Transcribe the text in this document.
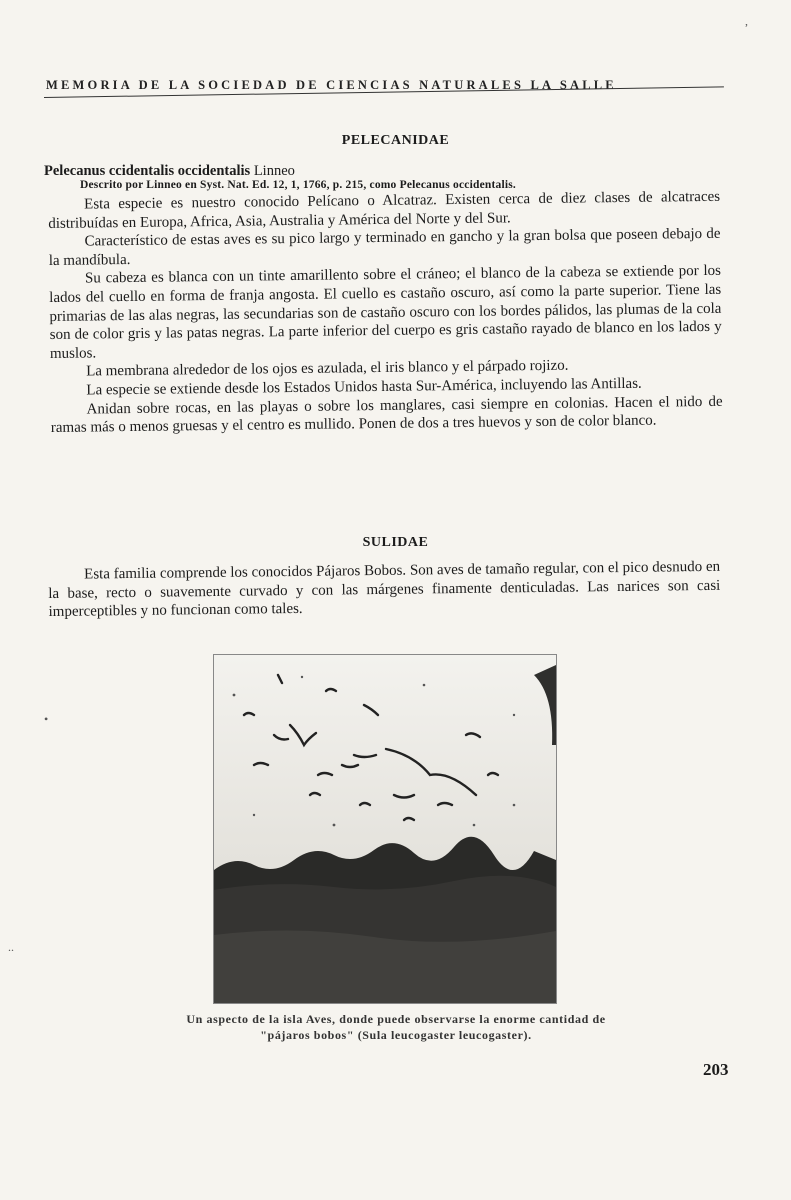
,
•
..
MEMORIA DE LA SOCIEDAD DE CIENCIAS NATURALES LA SALLE
PELECANIDAE
Pelecanus ccidentalis occidentalis Linneo
Descrito por Linneo en Syst. Nat. Ed. 12, 1, 1766, p. 215, como Pelecanus occidentalis.

Esta especie es nuestro conocido Pelícano o Alcatraz. Existen cerca de diez clases de alcatraces distribuídas en Europa, Africa, Asia, Australia y América del Norte y del Sur.

Característico de estas aves es su pico largo y terminado en gancho y la gran bolsa que poseen debajo de la mandíbula.

Su cabeza es blanca con un tinte amarillento sobre el cráneo; el blanco de la cabeza se extiende por los lados del cuello en forma de franja angosta. El cuello es castaño oscuro, así como la parte superior. Tiene las primarias de las alas negras, las secundarias son de castaño oscuro con los bordes pálidos, las plumas de la cola son de color gris y las patas negras. La parte inferior del cuerpo es gris castaño rayado de blanco en los lados y muslos.

La membrana alrededor de los ojos es azulada, el iris blanco y el párpado rojizo.

La especie se extiende desde los Estados Unidos hasta Sur-América, incluyendo las Antillas.

Anidan sobre rocas, en las playas o sobre los manglares, casi siempre en colonias. Hacen el nido de ramas más o menos gruesas y el centro es mullido. Ponen de dos a tres huevos y son de color blanco.

SULIDAE

Esta familia comprende los conocidos Pájaros Bobos. Son aves de tamaño regular, con el pico desnudo en la base, recto o suavemente curvado y con las márgenes finamente denticuladas. Las narices son casi imperceptibles y no funcionan como tales.

Un aspecto de la isla Aves, donde puede observarse la enorme cantidad de
"pájaros bobos" (Sula leucogaster leucogaster).
203
